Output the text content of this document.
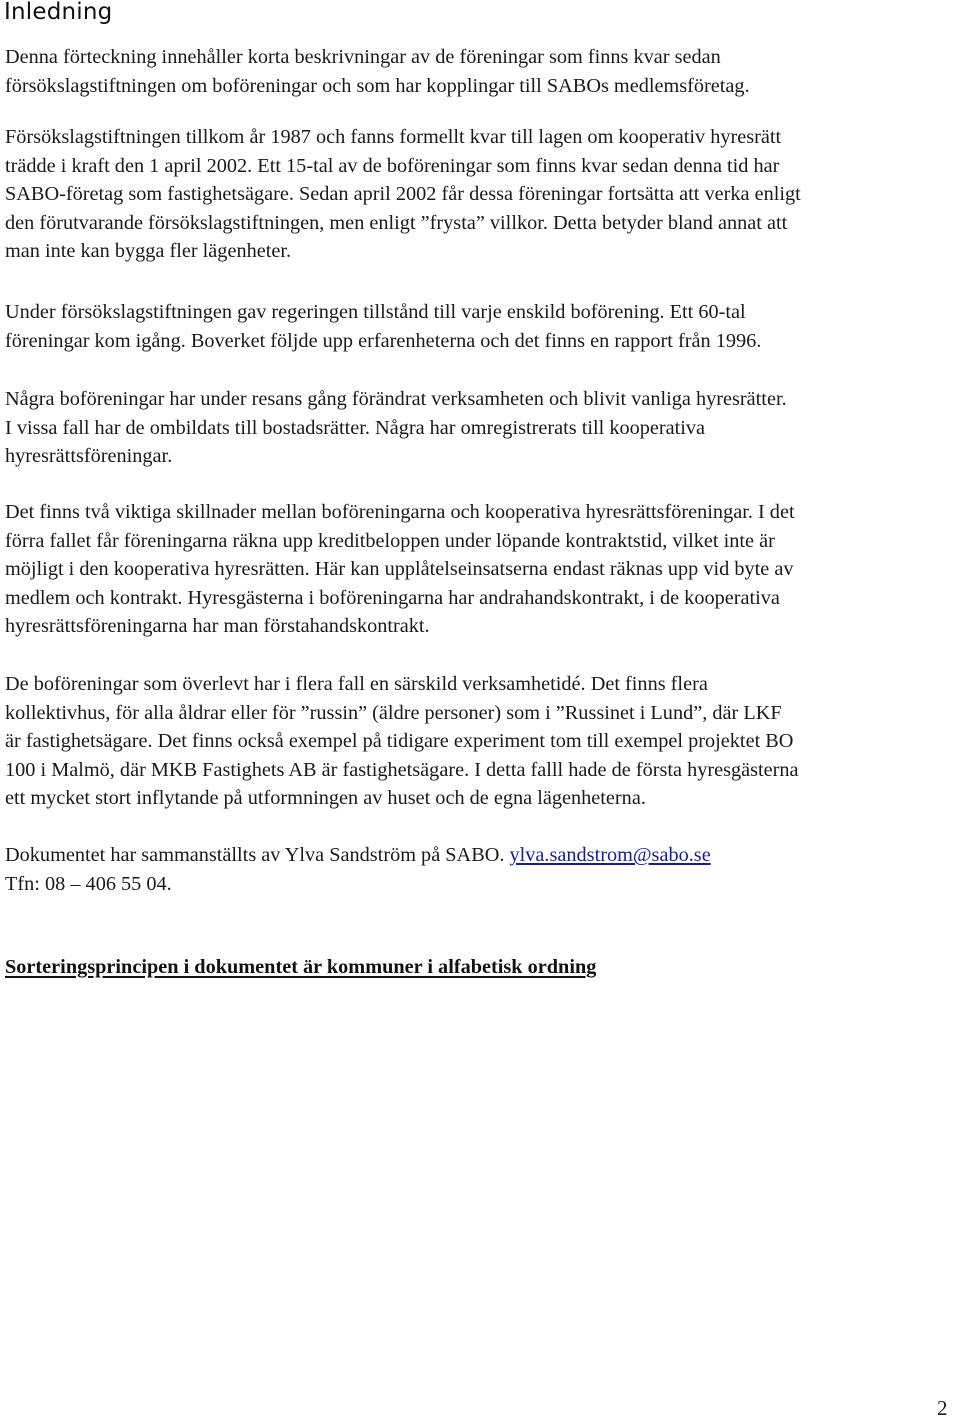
Inledning

Denna förteckning innehåller korta beskrivningar av de föreningar som finns kvar sedan
försökslagstiftningen om boföreningar och som har kopplingar till SABOs medlemsföretag.

Försökslagstiftningen tillkom år 1987 och fanns formellt kvar till lagen om kooperativ hyresrätt
trädde i kraft den 1 april 2002. Ett 15-tal av de boföreningar som finns kvar sedan denna tid har
SABO-företag som fastighetsägare. Sedan april 2002 får dessa föreningar fortsätta att verka enligt
den förutvarande försökslagstiftningen, men enligt ”frysta” villkor. Detta betyder bland annat att
man inte kan bygga fler lägenheter.

Under försökslagstiftningen gav regeringen tillstånd till varje enskild boförening. Ett 60-tal
föreningar kom igång. Boverket följde upp erfarenheterna och det finns en rapport från 1996.

Några boföreningar har under resans gång förändrat verksamheten och blivit vanliga hyresrätter.
I vissa fall har de ombildats till bostadsrätter. Några har omregistrerats till kooperativa
hyresrättsföreningar.

Det finns två viktiga skillnader mellan boföreningarna och kooperativa hyresrättsföreningar. I det
förra fallet får föreningarna räkna upp kreditbeloppen under löpande kontraktstid, vilket inte är
möjligt i den kooperativa hyresrätten. Här kan upplåtelseinsatserna endast räknas upp vid byte av
medlem och kontrakt. Hyresgästerna i boföreningarna har andrahandskontrakt, i de kooperativa
hyresrättsföreningarna har man förstahandskontrakt.

De boföreningar som överlevt har i flera fall en särskild verksamhetidé. Det finns flera
kollektivhus, för alla åldrar eller för ”russin” (äldre personer) som i ”Russinet i Lund”, där LKF
är fastighetsägare. Det finns också exempel på tidigare experiment tom till exempel projektet BO
100 i Malmö, där MKB Fastighets AB är fastighetsägare. I detta falll hade de första hyresgästerna
ett mycket stort inflytande på utformningen av huset och de egna lägenheterna.

Dokumentet har sammanställts av Ylva Sandström på SABO. ylva.sandstrom@sabo.se
Tfn: 08 – 406 55 04.

Sorteringsprincipen i dokumentet är kommuner i alfabetisk ordning
2
